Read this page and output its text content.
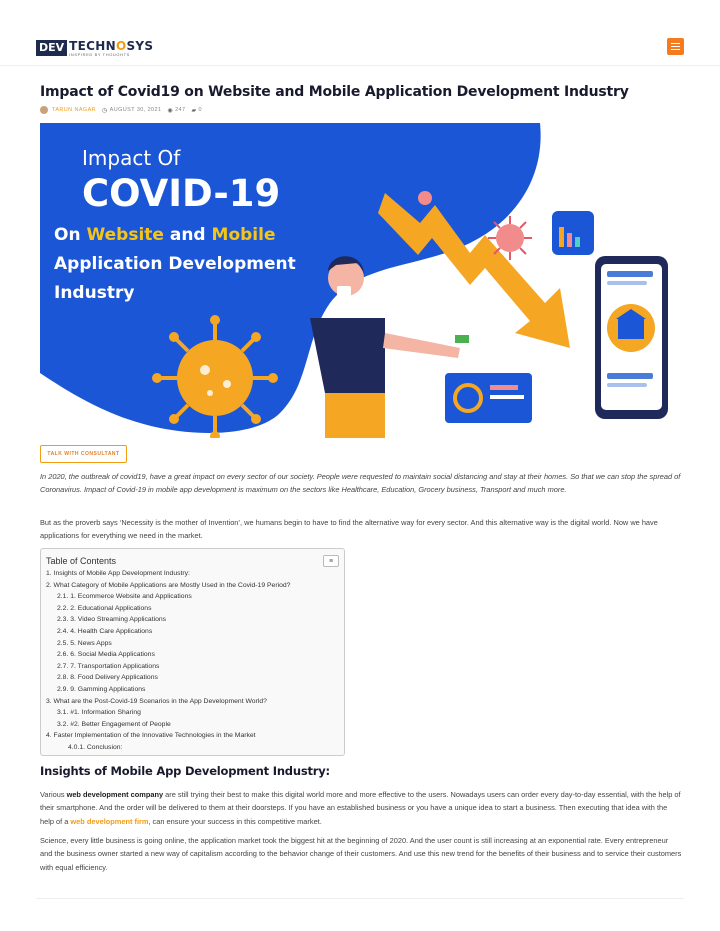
DEV TECHNOSYS
INSPIRED BY THOUGHTS
Impact of Covid19 on Website and Mobile Application Development Industry
TARUN NAGAR ◷ AUGUST 30, 2021 ◉ 247 ▰ 0
Impact Of
COVID-19
On Website and Mobile
Application Development
Industry
TALK WITH CONSULTANT

In 2020, the outbreak of covid19, have a great impact on every sector of our society. People were requested to maintain social distancing and stay at their homes. So that we can stop the spread of Coronavirus. Impact of Covid-19 in mobile app development is maximum on the sectors like Healthcare, Education, Grocery business, Transport and much more.

But as the proverb says ‘Necessity is the mother of Invention’, we humans begin to have to find the alternative way for every sector. And this alternative way is the digital world. Now we have applications for everything we need in the market.

Table of Contents	≡
1. Insights of Mobile App Development Industry:
2. What Category of Mobile Applications are Mostly Used in the Covid-19 Period?
2.1. 1. Ecommerce Website and Applications
2.2. 2. Educational Applications
2.3. 3. Video Streaming Applications
2.4. 4. Health Care Applications
2.5. 5. News Apps
2.6. 6. Social Media Applications
2.7. 7. Transportation Applications
2.8. 8. Food Delivery Applications
2.9. 9. Gamming Applications
3. What are the Post-Covid-19 Scenarios in the App Development World?
3.1. #1. Information Sharing
3.2. #2. Better Engagement of People
4. Faster Implementation of the Innovative Technologies in the Market
4.0.1. Conclusion:
Insights of Mobile App Development Industry:

Various web development company are still trying their best to make this digital world more and more effective to the users. Nowadays users can order every day-to-day essential, with the help of their smartphone. And the order will be delivered to them at their doorsteps. If you have an established business or you have a unique idea to start a business. Then executing that idea with the help of a web development firm, can ensure your success in this competitive market.

Science, every little business is going online, the application market took the biggest hit at the beginning of 2020. And the user count is still increasing at an exponential rate. Every entrepreneur and the business owner started a new way of capitalism according to the behavior change of their customers. And use this new trend for the benefits of their business and to service their customers with equal efficiency.
